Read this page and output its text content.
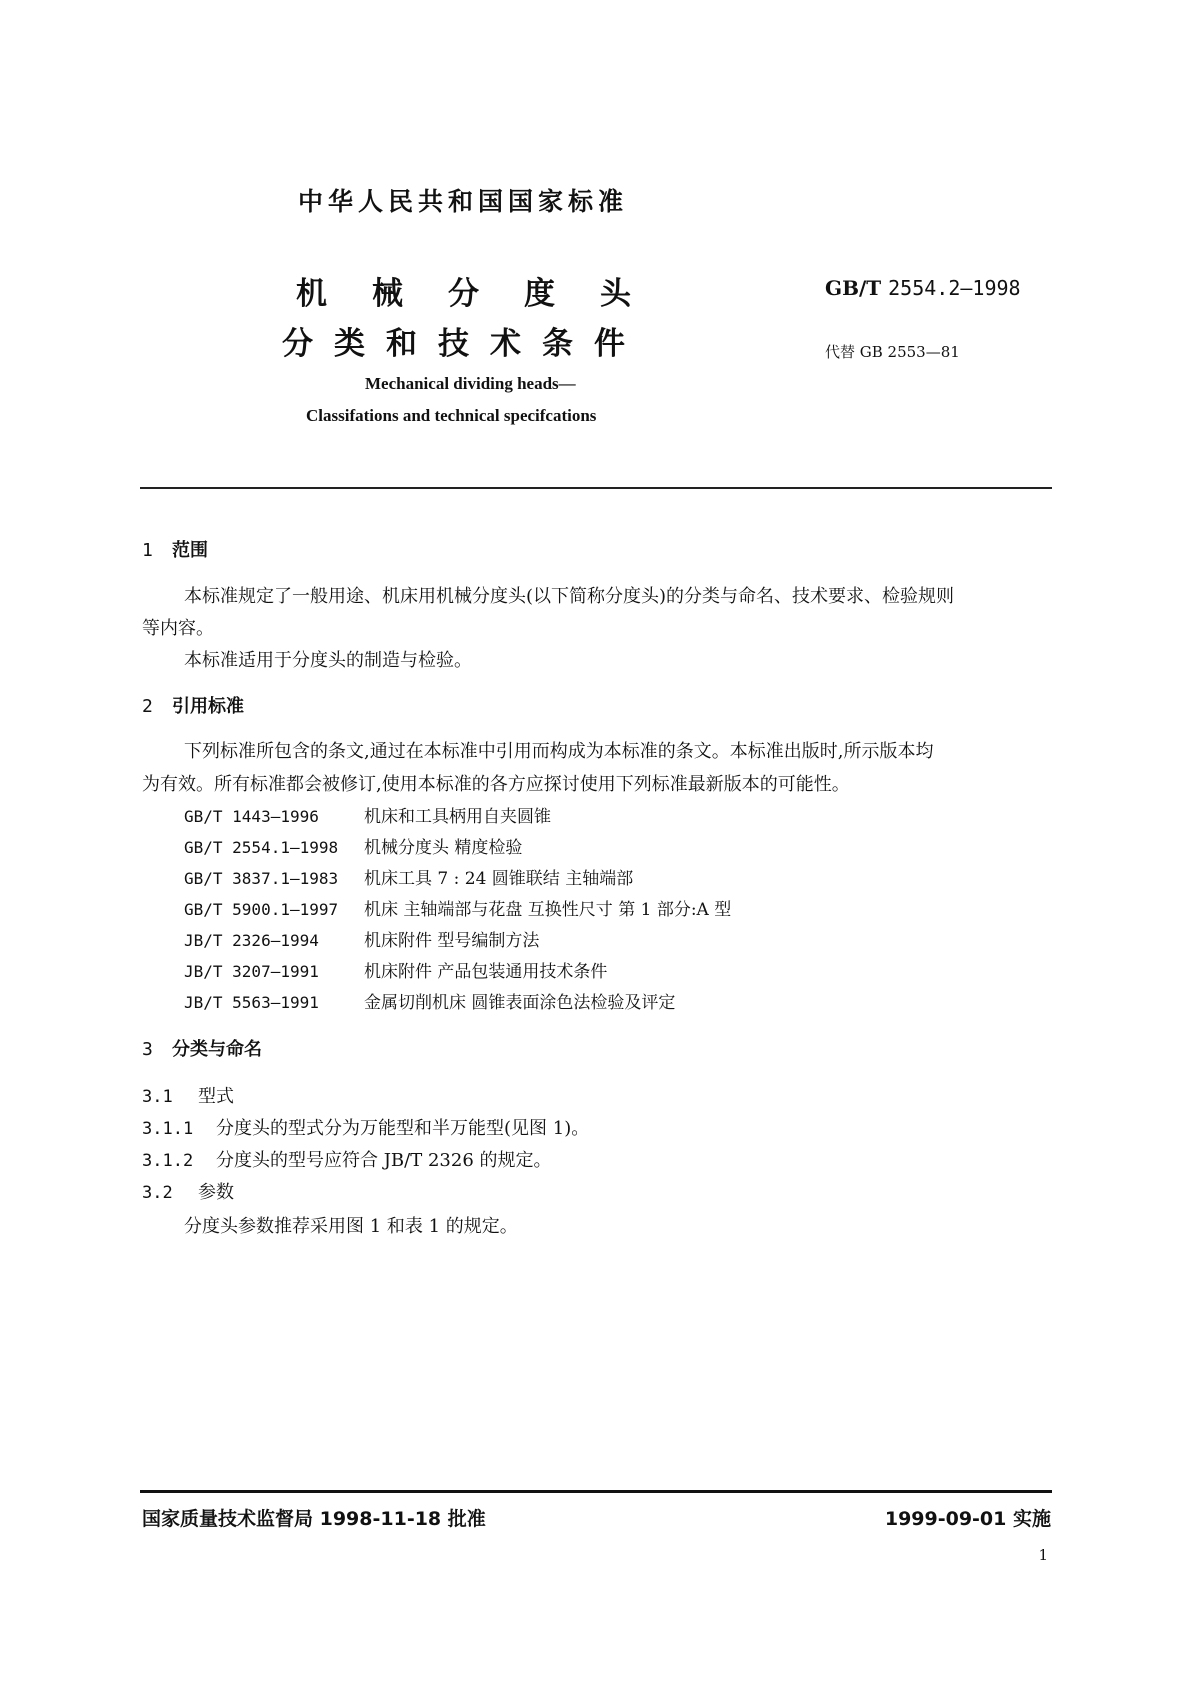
中华人民共和国国家标准
机 械 分 度 头
分 类 和 技 术 条 件
GB/T 2554.2—1998
代替 GB 2553—81
Mechanical dividing heads—
Classifations and technical specifcations
1 范围
本标准规定了一般用途、机床用机械分度头(以下简称分度头)的分类与命名、技术要求、检验规则
等内容。
本标准适用于分度头的制造与检验。
2 引用标准
下列标准所包含的条文,通过在本标准中引用而构成为本标准的条文。本标准出版时,所示版本均
为有效。所有标准都会被修订,使用本标准的各方应探讨使用下列标准最新版本的可能性。
GB/T 1443—1996	机床和工具柄用自夹圆锥
GB/T 2554.1—1998 机械分度头 精度检验
GB/T 3837.1—1983 机床工具 7 : 24 圆锥联结 主轴端部
GB/T 5900.1—1997 机床 主轴端部与花盘 互换性尺寸 第 1 部分:A 型
JB/T 2326—1994	机床附件 型号编制方法
JB/T 3207—1991	机床附件 产品包装通用技术条件
JB/T 5563—1991	金属切削机床 圆锥表面涂色法检验及评定
3 分类与命名
3.1 型式
3.1.1 分度头的型式分为万能型和半万能型(见图 1)。
3.1.2 分度头的型号应符合 JB/T 2326 的规定。
3.2 参数
分度头参数推荐采用图 1 和表 1 的规定。
国家质量技术监督局 1998-11-18 批准	1999-09-01 实施
1
